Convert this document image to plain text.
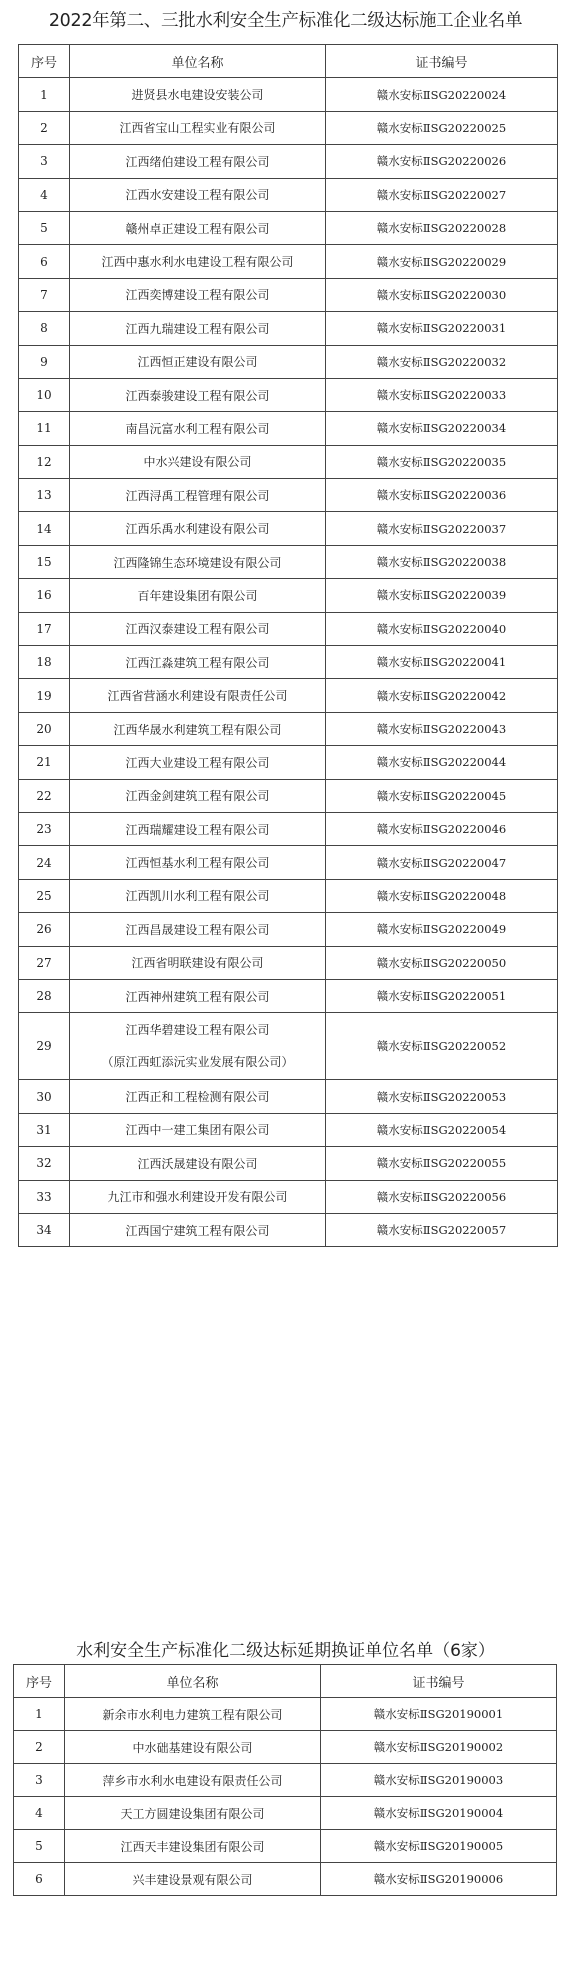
2022年第二、三批水利安全生产标准化二级达标施工企业名单
序号	单位名称	证书编号
1	进贤县水电建设安装公司	赣水安标ⅡSG20220024
2	江西省宝山工程实业有限公司	赣水安标ⅡSG20220025
3	江西绪伯建设工程有限公司	赣水安标ⅡSG20220026
4	江西水安建设工程有限公司	赣水安标ⅡSG20220027
5	赣州卓正建设工程有限公司	赣水安标ⅡSG20220028
6	江西中惠水利水电建设工程有限公司	赣水安标ⅡSG20220029
7	江西奕博建设工程有限公司	赣水安标ⅡSG20220030
8	江西九瑞建设工程有限公司	赣水安标ⅡSG20220031
9	江西恒正建设有限公司	赣水安标ⅡSG20220032
10	江西泰骏建设工程有限公司	赣水安标ⅡSG20220033
11	南昌沅富水利工程有限公司	赣水安标ⅡSG20220034
12	中水兴建设有限公司	赣水安标ⅡSG20220035
13	江西浔禹工程管理有限公司	赣水安标ⅡSG20220036
14	江西乐禹水利建设有限公司	赣水安标ⅡSG20220037
15	江西隆锦生态环境建设有限公司	赣水安标ⅡSG20220038
16	百年建设集团有限公司	赣水安标ⅡSG20220039
17	江西汉泰建设工程有限公司	赣水安标ⅡSG20220040
18	江西江淼建筑工程有限公司	赣水安标ⅡSG20220041
19	江西省营涵水利建设有限责任公司	赣水安标ⅡSG20220042
20	江西华晟水利建筑工程有限公司	赣水安标ⅡSG20220043
21	江西大业建设工程有限公司	赣水安标ⅡSG20220044
22	江西金剑建筑工程有限公司	赣水安标ⅡSG20220045
23	江西瑞耀建设工程有限公司	赣水安标ⅡSG20220046
24	江西恒基水利工程有限公司	赣水安标ⅡSG20220047
25	江西凯川水利工程有限公司	赣水安标ⅡSG20220048
26	江西昌晟建设工程有限公司	赣水安标ⅡSG20220049
27	江西省明联建设有限公司	赣水安标ⅡSG20220050
28	江西神州建筑工程有限公司	赣水安标ⅡSG20220051
29	江西华碧建设工程有限公司
（原江西虹添沅实业发展有限公司）	赣水安标ⅡSG20220052
30	江西正和工程检测有限公司	赣水安标ⅡSG20220053
31	江西中一建工集团有限公司	赣水安标ⅡSG20220054
32	江西沃晟建设有限公司	赣水安标ⅡSG20220055
33	九江市和强水利建设开发有限公司	赣水安标ⅡSG20220056
34	江西国宁建筑工程有限公司	赣水安标ⅡSG20220057
水利安全生产标准化二级达标延期换证单位名单（6家）
序号	单位名称	证书编号
1	新余市水利电力建筑工程有限公司	赣水安标ⅡSG20190001
2	中水础基建设有限公司	赣水安标ⅡSG20190002
3	萍乡市水利水电建设有限责任公司	赣水安标ⅡSG20190003
4	天工方圆建设集团有限公司	赣水安标ⅡSG20190004
5	江西天丰建设集团有限公司	赣水安标ⅡSG20190005
6	兴丰建设景观有限公司	赣水安标ⅡSG20190006
